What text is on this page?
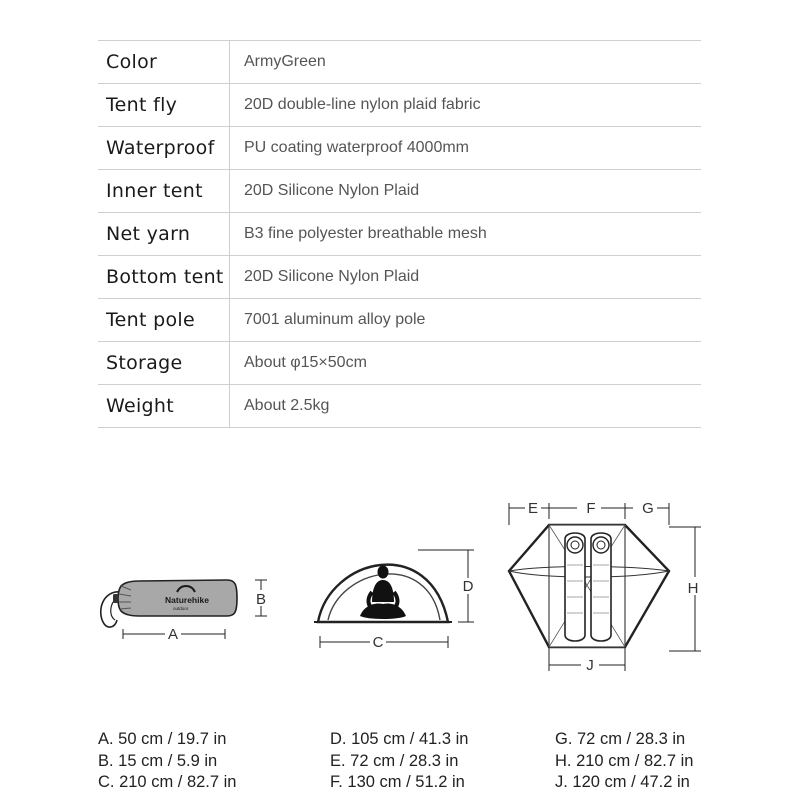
Color	ArmyGreen
Tent fly	20D double-line nylon plaid fabric
Waterproof	PU coating waterproof 4000mm
Inner tent	20D Silicone Nylon Plaid
Net yarn	B3 fine polyester breathable mesh
Bottom tent	20D Silicone Nylon Plaid
Tent pole	7001 aluminum alloy pole
Storage	About φ15×50cm
Weight	About 2.5kg
Naturehike
outdoor
A
B
D
C
E	F	G
H
J
A. 50 cm / 19.7 in
B. 15 cm / 5.9 in
C. 210 cm / 82.7 in
D. 105 cm / 41.3 in
E. 72 cm / 28.3 in
F. 130 cm / 51.2 in
G. 72 cm / 28.3 in
H. 210 cm / 82.7 in
J. 120 cm / 47.2 in
